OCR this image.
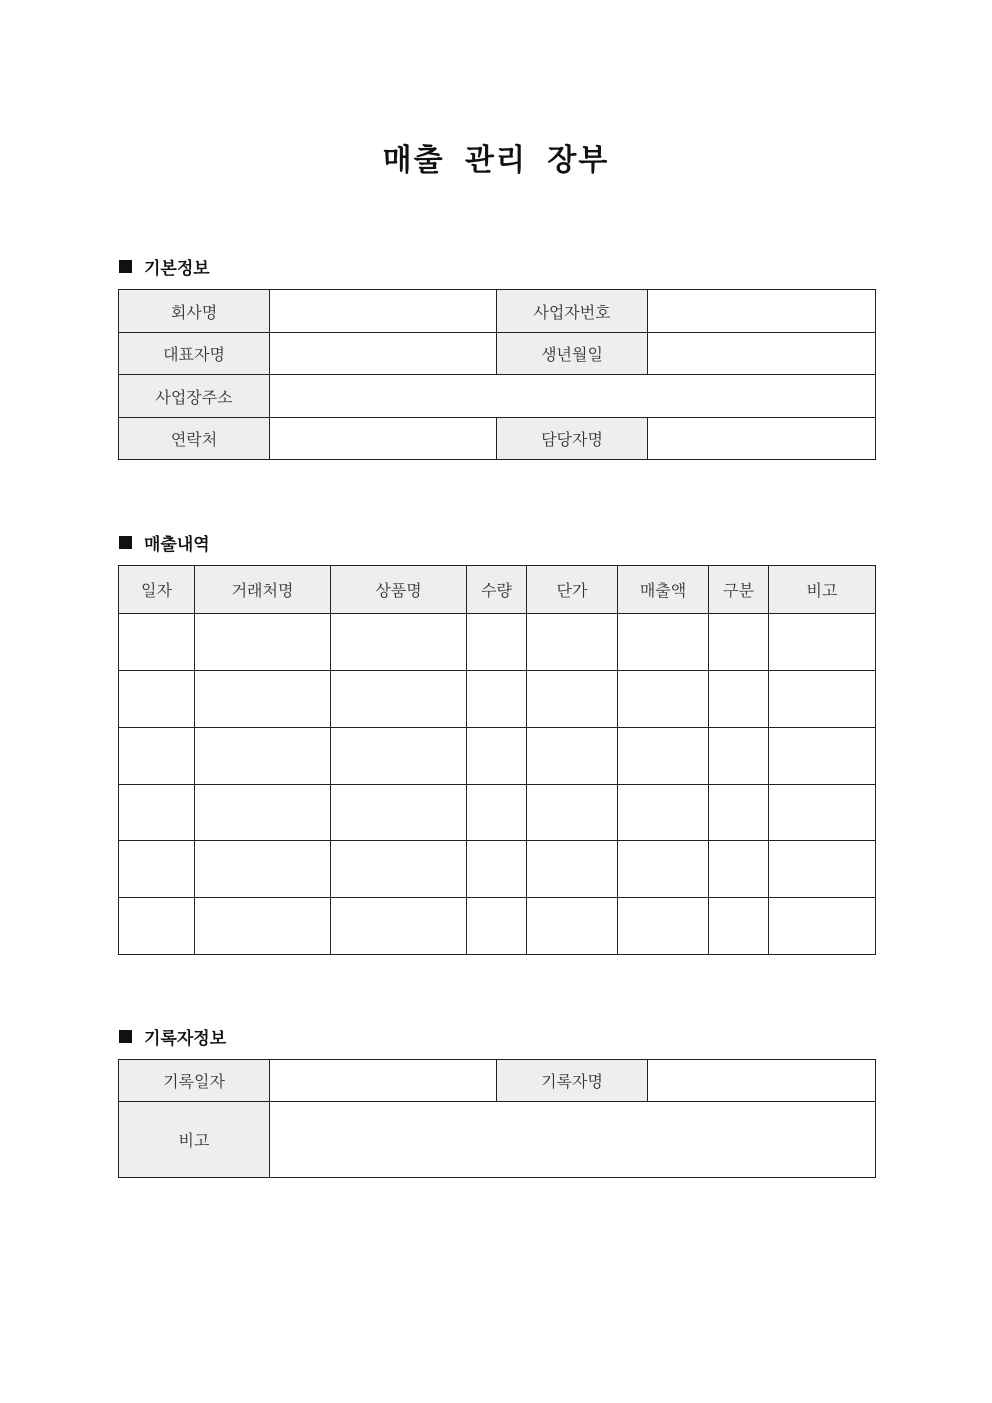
매출 관리 장부
기본정보
회사명		사업자번호	
대표자명		생년월일	
사업장주소			
연락처		담당자명	
매출내역
일자	거래처명	상품명	수량	단가	매출액	구분	비고

기록자정보
기록일자		기록자명	
비고			
